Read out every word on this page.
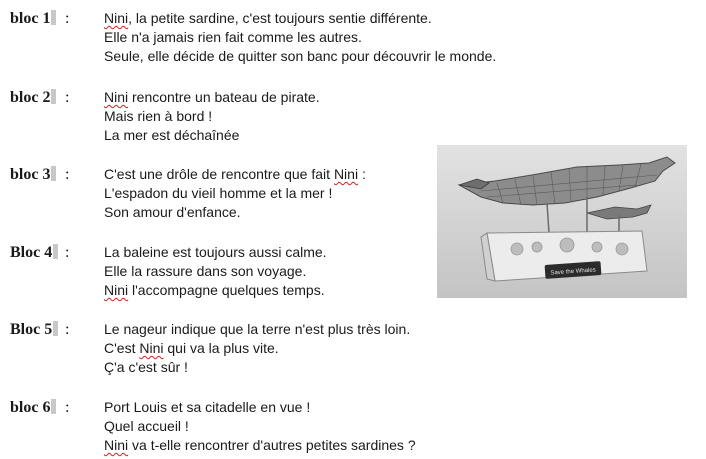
bloc 1 : Nini, la petite sardine, c'est toujours sentie différente.
Elle n'a jamais rien fait comme les autres.
Seule, elle décide de quitter son banc pour découvrir le monde.
bloc 2 : Nini rencontre un bateau de pirate.
Mais rien à bord !
La mer est déchaînée
bloc 3 : C'est une drôle de rencontre que fait Nini :
L'espadon du vieil homme et la mer !
Son amour d'enfance.
Bloc 4 : La baleine est toujours aussi calme.
Elle la rassure dans son voyage.
Nini l'accompagne quelques temps.
Bloc 5 : Le nageur indique que la terre n'est plus très loin.
C'est Nini qui va la plus vite.
Ç'a c'est sûr !
bloc 6 : Port Louis et sa citadelle en vue !
Quel accueil !
Nini va t-elle rencontrer d'autres petites sardines ?
Save the Whales
